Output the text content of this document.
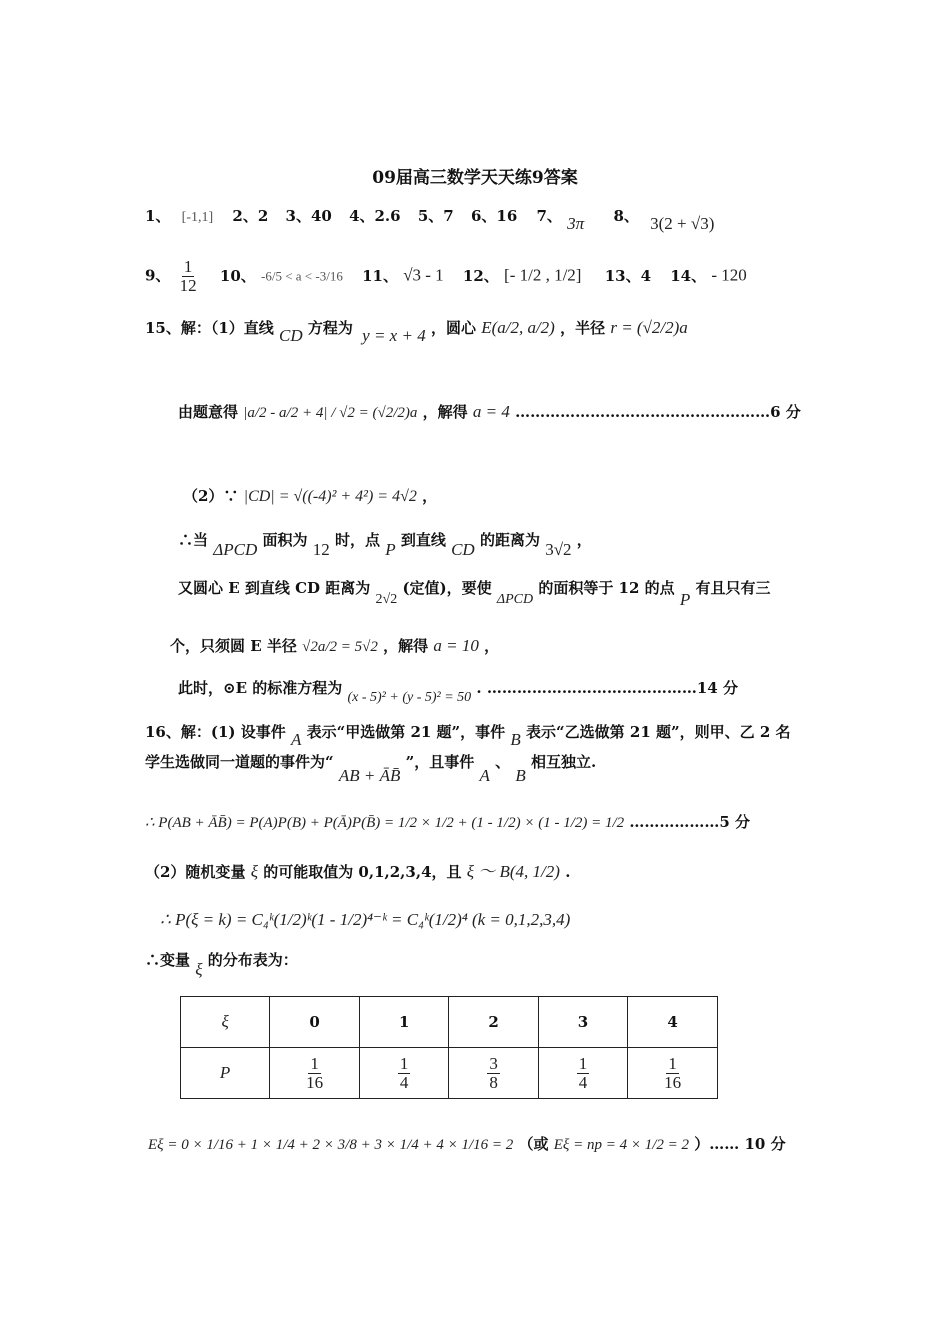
09届高三数学天天练9答案
1、 [-1,1] 2、2 3、40 4、2.6 5、7 6、16 7、 3π 8、 3(2 + √3)
9、 $\frac{1}{12} 10$、 -6/5 < a < -3/16 11、 √3 - 1 12、 [- 1/2 , 1/2] 13、4 14、 - 120
15、解：（1）直线 CD 方程为 y = x + 4 ，圆心 E(a/2, a/2) ，半径 r = (√2/2)a
由题意得 |a/2 - a/2 + 4| / √2 = (√2/2)a ，解得 a = 4 ……………………………………………6 分
（2）∵ |CD| = √((-4)² + 4²) = 4√2 ，
∴当 ΔPCD 面积为 12 时，点 P 到直线 CD 的距离为 3√2 ，
又圆心 E 到直线 CD 距离为 2√2 (定值)，要使 ΔPCD 的面积等于 12 的点 P 有且只有三
个，只须圆 E 半径 √2a/2 = 5√2 ，解得 a = 10 ，
此时，⊙E 的标准方程为 (x - 5)² + (y - 5)² = 50 . ……………………………………14 分
16、解：(1) 设事件 A 表示“甲选做第 21 题”，事件 B 表示“乙选做第 21 题”，则甲、乙 2 名
学生选做同一道题的事件为“ AB + ĀB̄ ”，且事件 A 、 B 相互独立.
∴ P(AB + ĀB̄) = P(A)P(B) + P(Ā)P(B̄) = 1/2 × 1/2 + (1 - 1/2) × (1 - 1/2) = 1/2 ………………5 分
（2）随机变量 ξ 的可能取值为 0,1,2,3,4，且 ξ ～ B(4, 1/2) .
∴ P(ξ = k) = C₄ᵏ(1/2)ᵏ(1 - 1/2)⁴⁻ᵏ = C₄ᵏ(1/2)⁴ (k = 0,1,2,3,4)
∴变量 ξ 的分布表为：
ξ	0	1	2	3	4
P	$\frac{1}{16}$	$\frac{1}{4}$	$\frac{3}{8}$	$\frac{1}{4}$	$\frac{1}{16}$
Eξ = 0 × 1/16 + 1 × 1/4 + 2 × 3/8 + 3 × 1/4 + 4 × 1/16 = 2 （或 Eξ = np = 4 × 1/2 = 2 ）…… 10 分
